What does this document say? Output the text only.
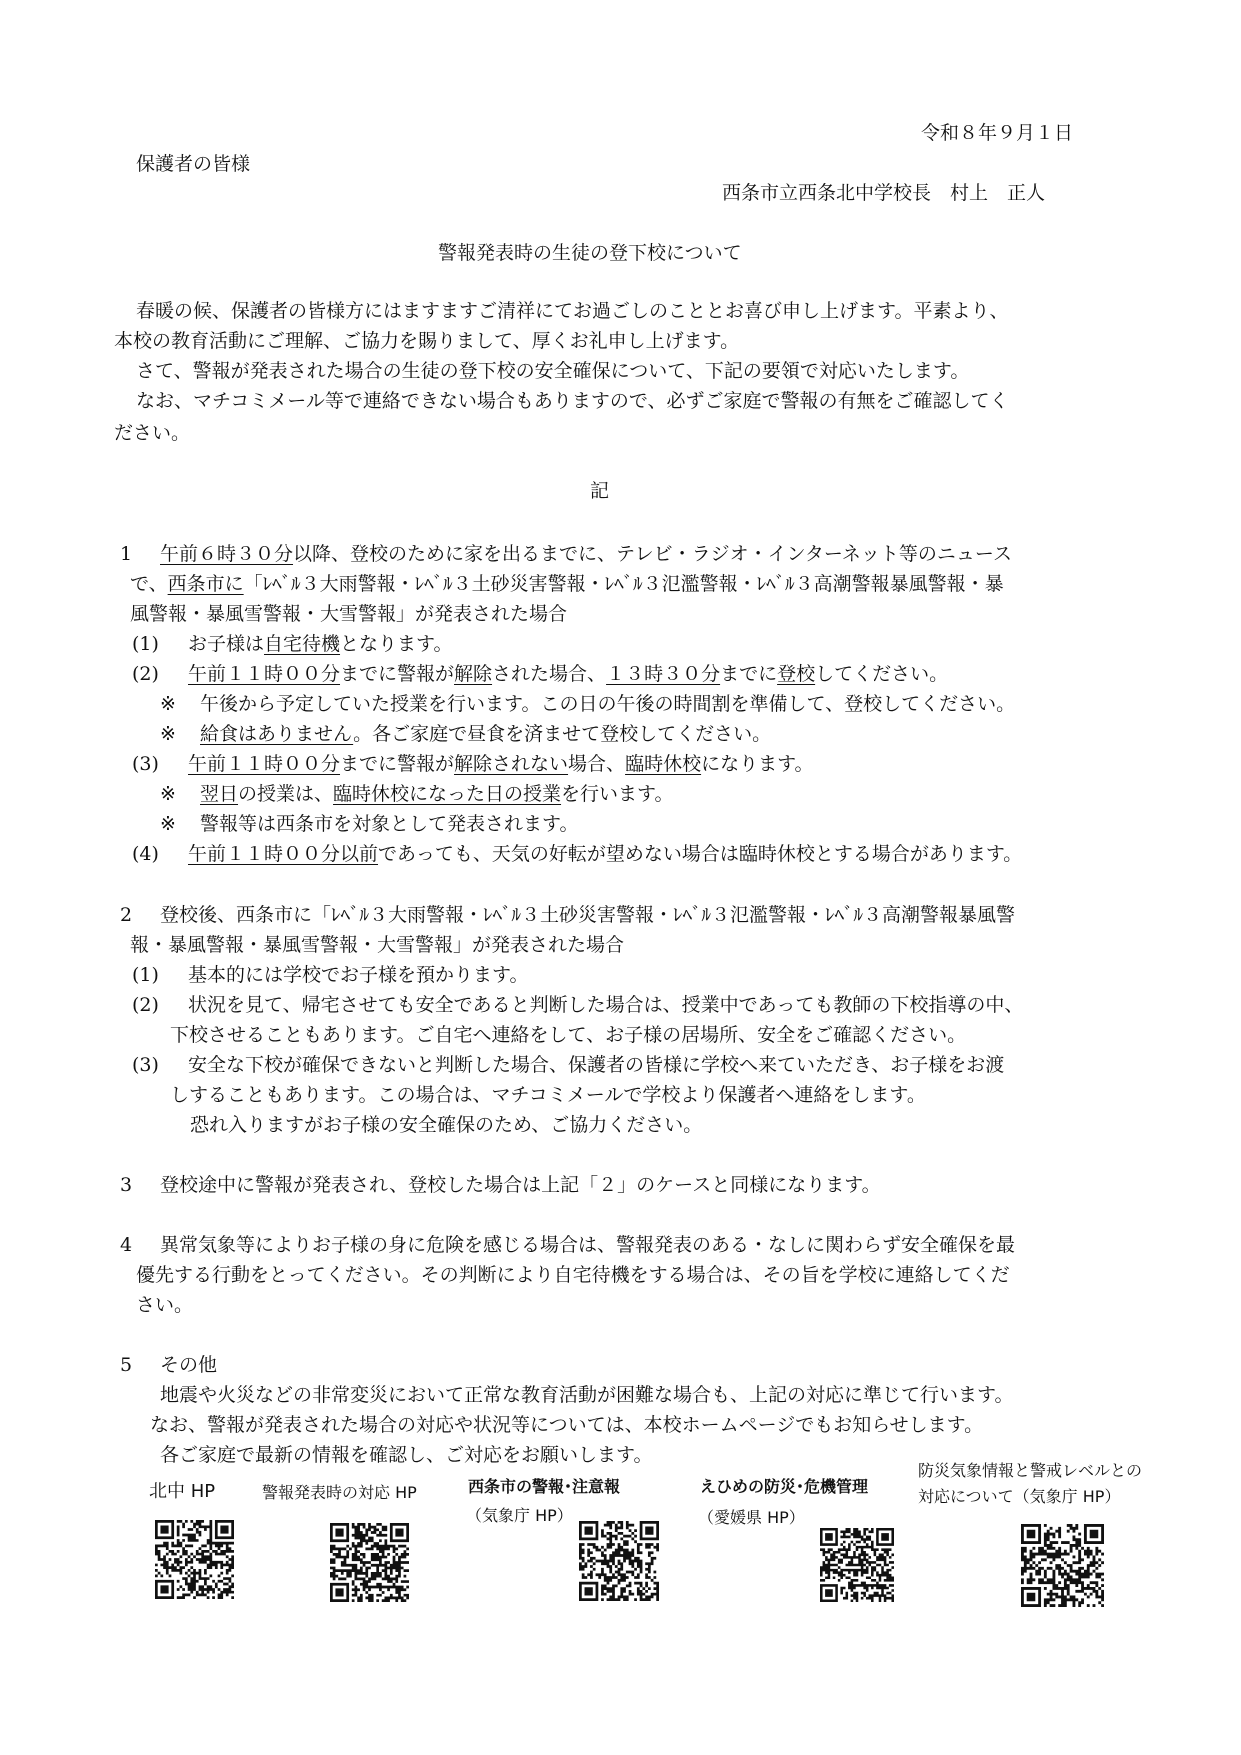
令和８年９月１日
保護者の皆様
西条市立西条北中学校長　村上　正人
警報発表時の生徒の登下校について
春暖の候、保護者の皆様方にはますますご清祥にてお過ごしのこととお喜び申し上げます。平素より、
本校の教育活動にご理解、ご協力を賜りまして、厚くお礼申し上げます。
さて、警報が発表された場合の生徒の登下校の安全確保について、下記の要領で対応いたします。
なお、マチコミメール等で連絡できない場合もありますので、必ずご家庭で警報の有無をご確認してく
ださい。
記
1 午前６時３０分以降、登校のために家を出るまでに、テレビ・ラジオ・インターネット等のニュース
で、西条市に「ﾚﾍﾞﾙ３大雨警報・ﾚﾍﾞﾙ３土砂災害警報・ﾚﾍﾞﾙ３氾濫警報・ﾚﾍﾞﾙ３高潮警報暴風警報・暴
風警報・暴風雪警報・大雪警報」が発表された場合
(1) お子様は自宅待機となります。
(2) 午前１１時００分までに警報が解除された場合、１３時３０分までに登校してください。
※ 午後から予定していた授業を行います。この日の午後の時間割を準備して、登校してください。
※ 給食はありません。各ご家庭で昼食を済ませて登校してください。
(3) 午前１１時００分までに警報が解除されない場合、臨時休校になります。
※ 翌日の授業は、臨時休校になった日の授業を行います。
※ 警報等は西条市を対象として発表されます。
(4) 午前１１時００分以前であっても、天気の好転が望めない場合は臨時休校とする場合があります。
2 登校後、西条市に「ﾚﾍﾞﾙ３大雨警報・ﾚﾍﾞﾙ３土砂災害警報・ﾚﾍﾞﾙ３氾濫警報・ﾚﾍﾞﾙ３高潮警報暴風警
報・暴風警報・暴風雪警報・大雪警報」が発表された場合
(1) 基本的には学校でお子様を預かります。
(2) 状況を見て、帰宅させても安全であると判断した場合は、授業中であっても教師の下校指導の中、
下校させることもあります。ご自宅へ連絡をして、お子様の居場所、安全をご確認ください。
(3) 安全な下校が確保できないと判断した場合、保護者の皆様に学校へ来ていただき、お子様をお渡
しすることもあります。この場合は、マチコミメールで学校より保護者へ連絡をします。
恐れ入りますがお子様の安全確保のため、ご協力ください。
3 登校途中に警報が発表され、登校した場合は上記「２」のケースと同様になります。
4 異常気象等によりお子様の身に危険を感じる場合は、警報発表のある・なしに関わらず安全確保を最
優先する行動をとってください。その判断により自宅待機をする場合は、その旨を学校に連絡してくだ
さい。
5 その他
地震や火災などの非常変災において正常な教育活動が困難な場合も、上記の対応に準じて行います。
なお、警報が発表された場合の対応や状況等については、本校ホームページでもお知らせします。
各ご家庭で最新の情報を確認し、ご対応をお願いします。
北中 HP	警報発表時の対応 HP	西条市の警報･注意報
（気象庁 HP）
えひめの防災･危機管理
（愛媛県 HP）
防災気象情報と警戒レベルとの
対応について（気象庁 HP）
